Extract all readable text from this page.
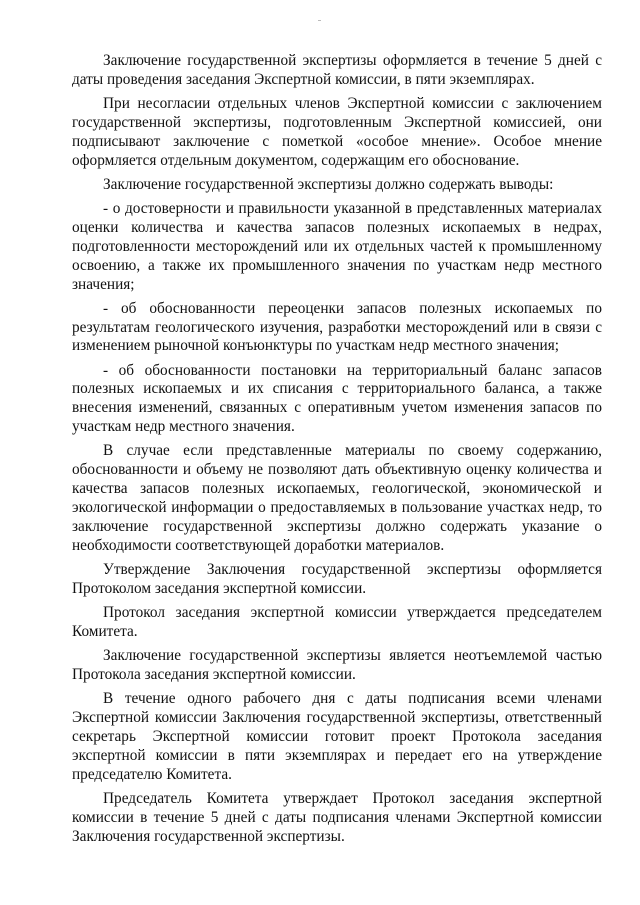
Заключение государственной экспертизы оформляется в течение 5 дней с даты проведения заседания Экспертной комиссии, в пяти экземплярах.

При несогласии отдельных членов Экспертной комиссии с заключением государственной экспертизы, подготовленным Экспертной комиссией, они подписывают заключение с пометкой «особое мнение». Особое мнение оформляется отдельным документом, содержащим его обоснование.

Заключение государственной экспертизы должно содержать выводы:

- о достоверности и правильности указанной в представленных материалах оценки количества и качества запасов полезных ископаемых в недрах, подготовленности месторождений или их отдельных частей к промышленному освоению, а также их промышленного значения по участкам недр местного значения;

- об обоснованности переоценки запасов полезных ископаемых по результатам геологического изучения, разработки месторождений или в связи с изменением рыночной конъюнктуры по участкам недр местного значения;

- об обоснованности постановки на территориальный баланс запасов полезных ископаемых и их списания с территориального баланса, а также внесения изменений, связанных с оперативным учетом изменения запасов по участкам недр местного значения.

В случае если представленные материалы по своему содержанию, обоснованности и объему не позволяют дать объективную оценку количества и качества запасов полезных ископаемых, геологической, экономической и экологической информации о предоставляемых в пользование участках недр, то заключение государственной экспертизы должно содержать указание о необходимости соответствующей доработки материалов.

Утверждение Заключения государственной экспертизы оформляется Протоколом заседания экспертной комиссии.

Протокол заседания экспертной комиссии утверждается председателем Комитета.

Заключение государственной экспертизы является неотъемлемой частью Протокола заседания экспертной комиссии.

В течение одного рабочего дня с даты подписания всеми членами Экспертной комиссии Заключения государственной экспертизы, ответственный секретарь Экспертной комиссии готовит проект Протокола заседания экспертной комиссии в пяти экземплярах и передает его на утверждение председателю Комитета.

Председатель Комитета утверждает Протокол заседания экспертной комиссии в течение 5 дней с даты подписания членами Экспертной комиссии Заключения государственной экспертизы.
